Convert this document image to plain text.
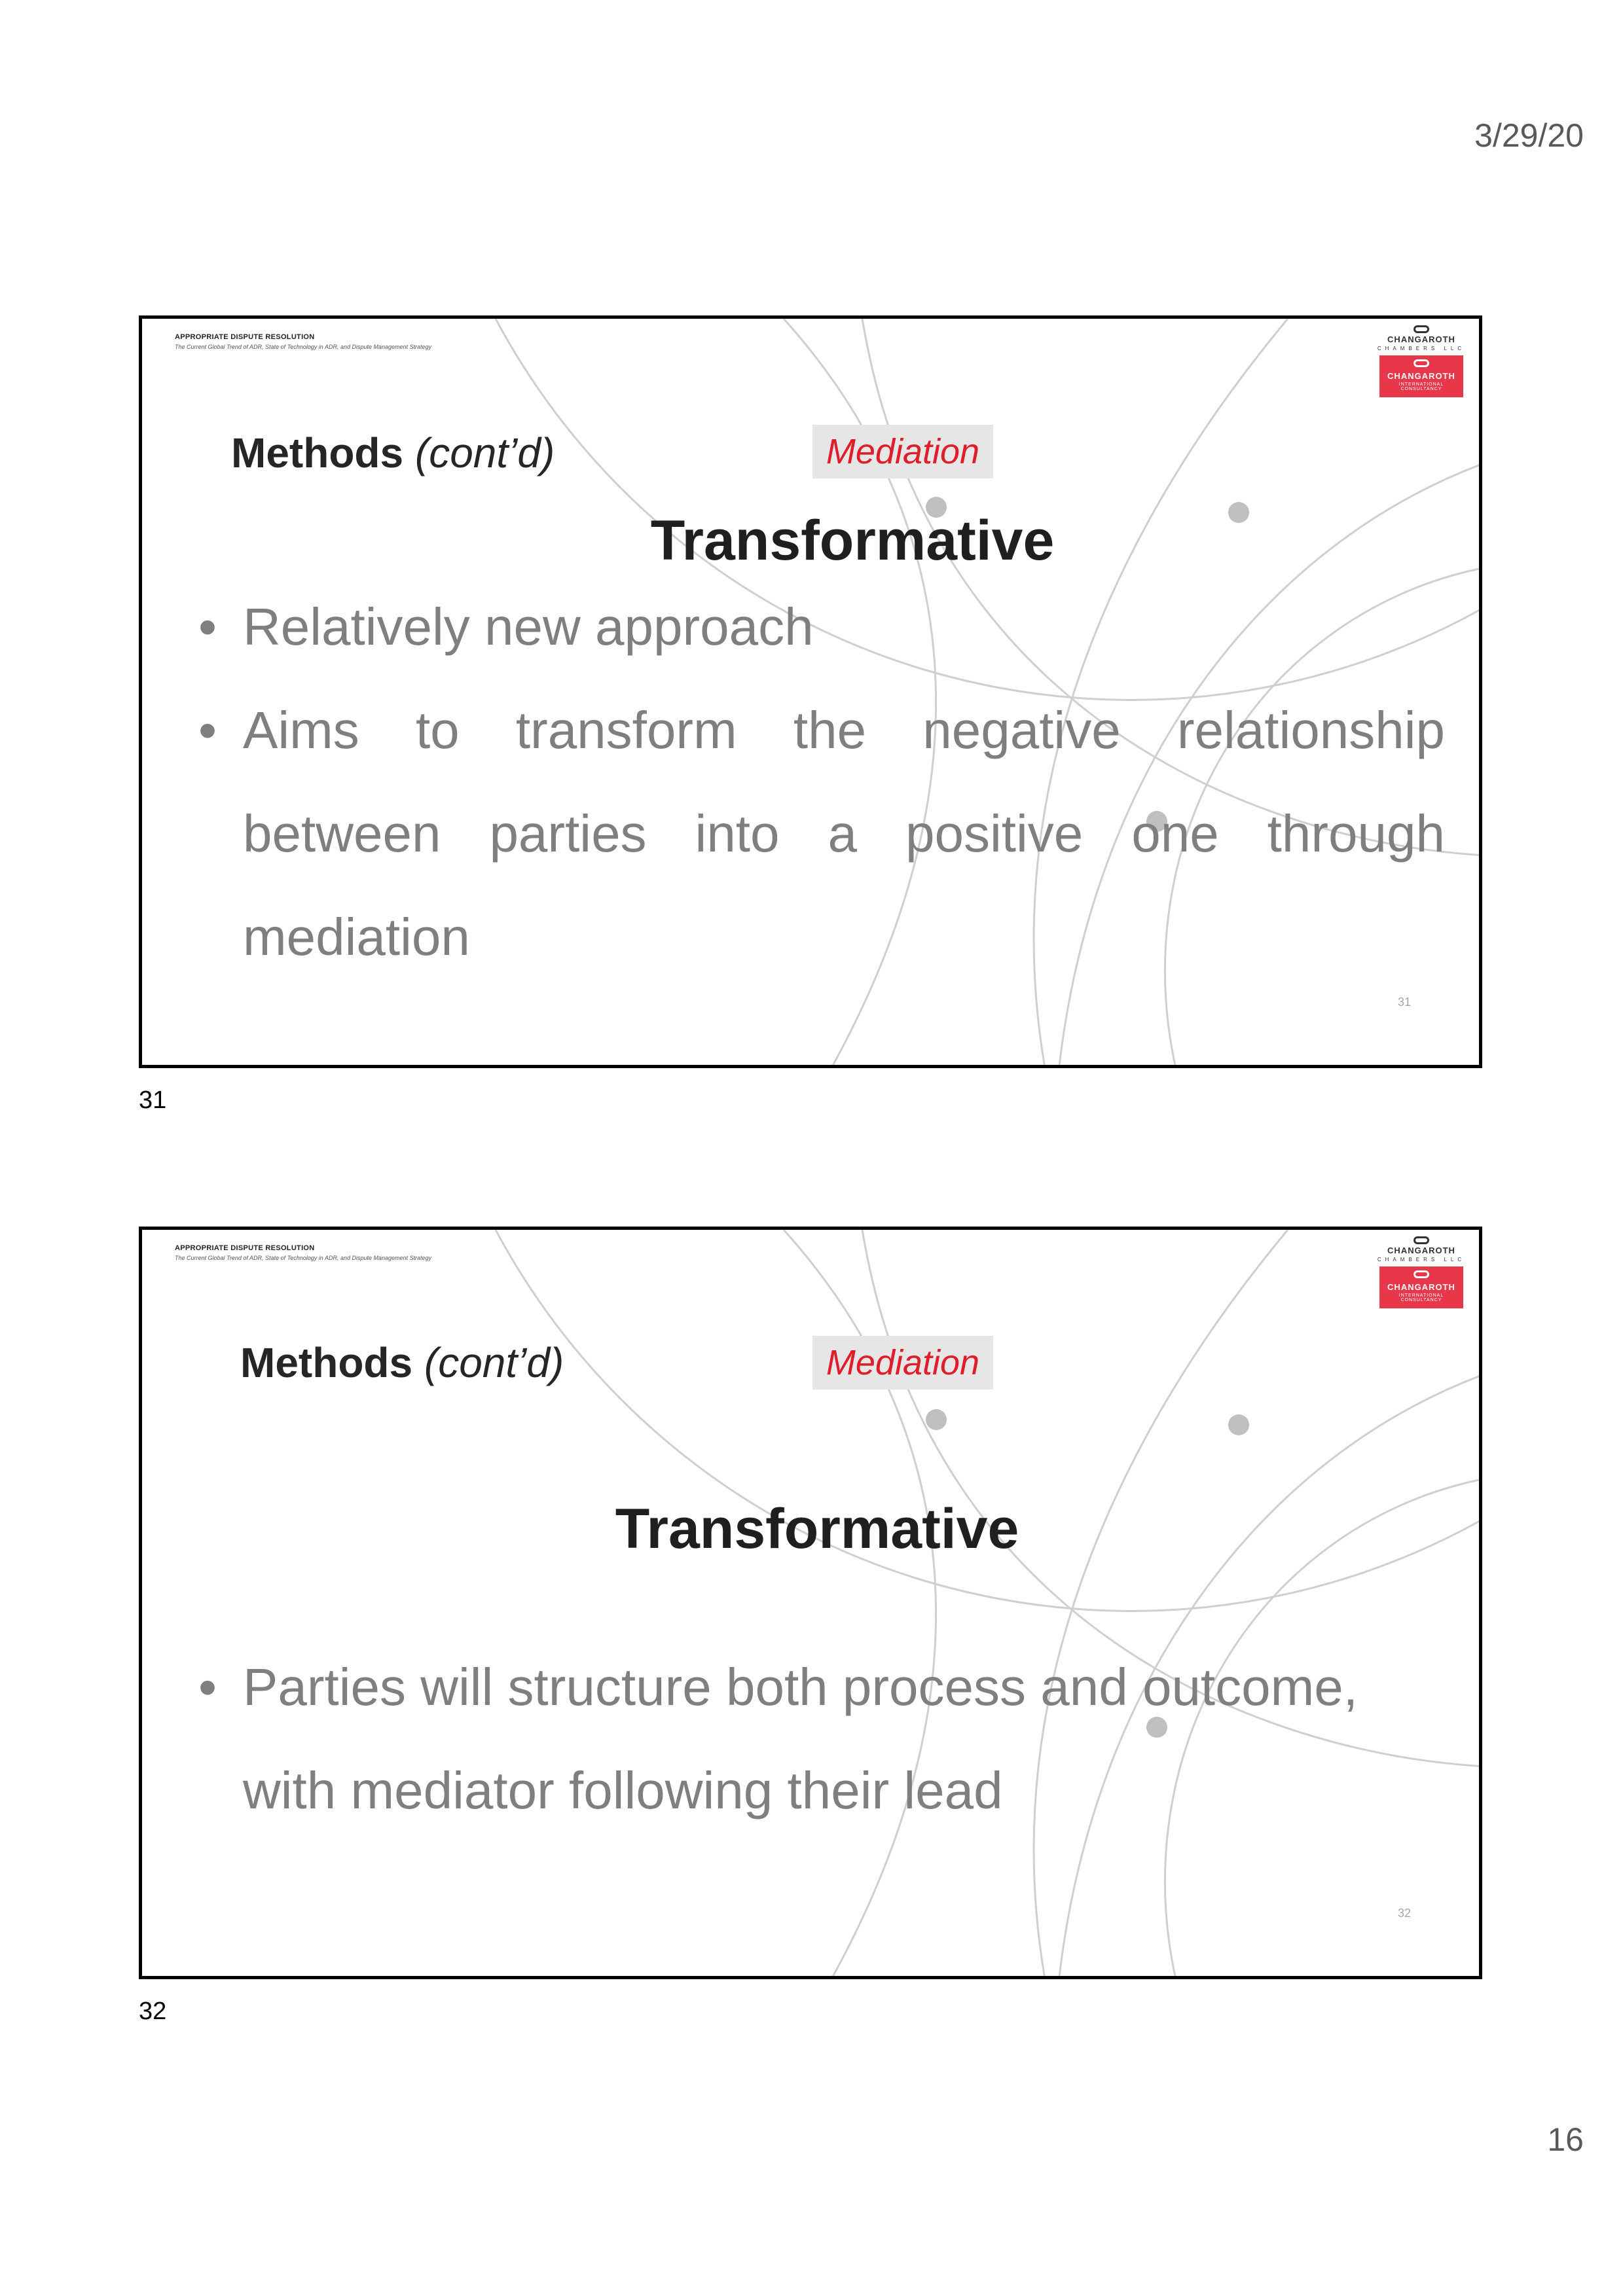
3/29/20
APPROPRIATE DISPUTE RESOLUTION
The Current Global Trend of ADR, State of Technology in ADR, and Dispute Management Strategy
CHANGAROTH
CHAMBERS LLC
CHANGAROTH
INTERNATIONAL CONSULTANCY
Methods (cont’d)	Mediation
Transformative
• Relatively new approach
• Aims to transform the negative relationship between parties into a positive one through mediation
31
31
APPROPRIATE DISPUTE RESOLUTION
The Current Global Trend of ADR, State of Technology in ADR, and Dispute Management Strategy
CHANGAROTH
CHAMBERS LLC
CHANGAROTH
INTERNATIONAL CONSULTANCY
Methods (cont’d)	Mediation
Transformative
• Parties will structure both process and outcome, with mediator following their lead
32
32
16
